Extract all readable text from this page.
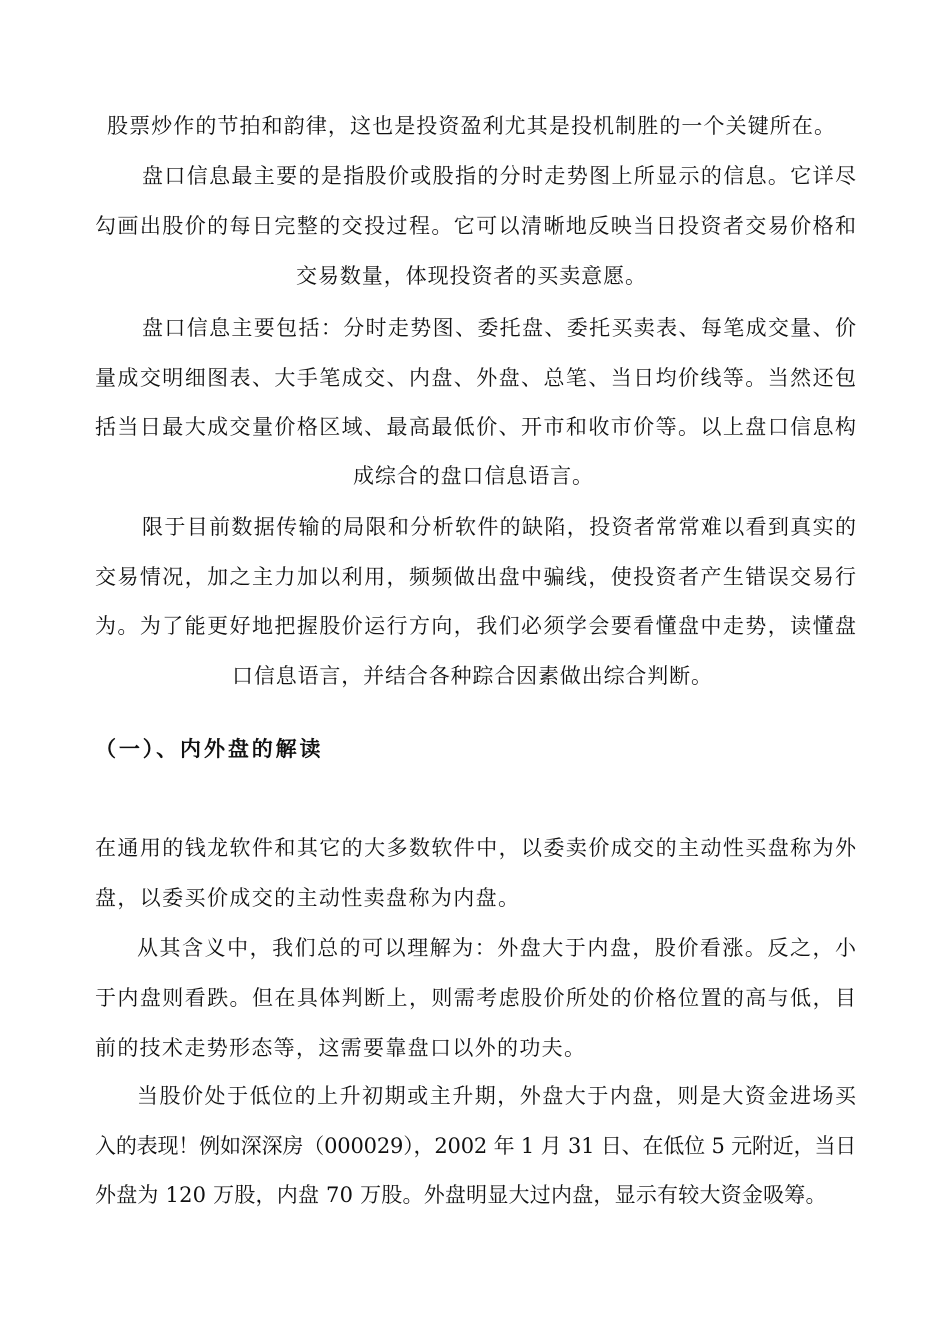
股票炒作的节拍和韵律，这也是投资盈利尤其是投机制胜的一个关键所在。
盘口信息最主要的是指股价或股指的分时走势图上所显示的信息。它详尽
勾画出股价的每日完整的交投过程。它可以清晰地反映当日投资者交易价格和
交易数量，体现投资者的买卖意愿。
盘口信息主要包括：分时走势图、委托盘、委托买卖表、每笔成交量、价
量成交明细图表、大手笔成交、内盘、外盘、总笔、当日均价线等。当然还包
括当日最大成交量价格区域、最高最低价、开市和收市价等。以上盘口信息构
成综合的盘口信息语言。
限于目前数据传输的局限和分析软件的缺陷，投资者常常难以看到真实的
交易情况，加之主力加以利用，频频做出盘中骗线，使投资者产生错误交易行
为。为了能更好地把握股价运行方向，我们必须学会要看懂盘中走势，读懂盘
口信息语言，并结合各种踪合因素做出综合判断。
（一）、内外盘的解读
在通用的钱龙软件和其它的大多数软件中，以委卖价成交的主动性买盘称为外
盘，以委买价成交的主动性卖盘称为内盘。
从其含义中，我们总的可以理解为：外盘大于内盘，股价看涨。反之，小
于内盘则看跌。但在具体判断上，则需考虑股价所处的价格位置的高与低，目
前的技术走势形态等，这需要靠盘口以外的功夫。
当股价处于低位的上升初期或主升期，外盘大于内盘，则是大资金进场买
入的表现！例如深深房（000029），2002 年 1 月 31 日、在低位 5 元附近，当日
外盘为 120 万股，内盘 70 万股。外盘明显大过内盘，显示有较大资金吸筹。
